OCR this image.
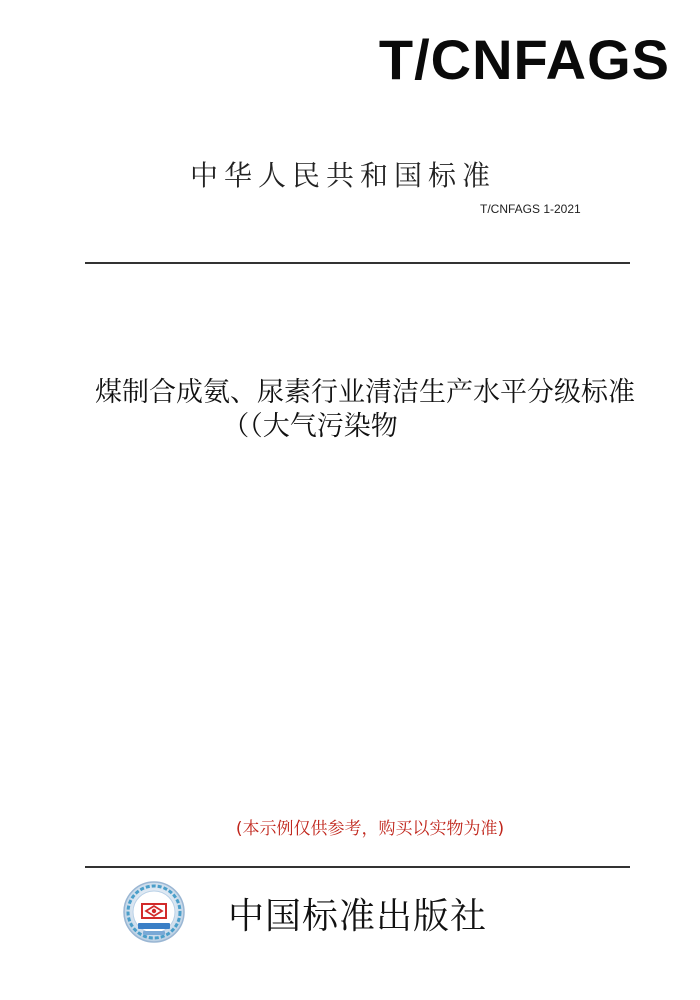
T/CNFAGS
中华人民共和国标准
T/CNFAGS 1-2021
煤制合成氨、尿素行业清洁生产水平分级标准
（（大气污染物
(本示例仅供参考，购买以实物为准)
中国标准出版社
